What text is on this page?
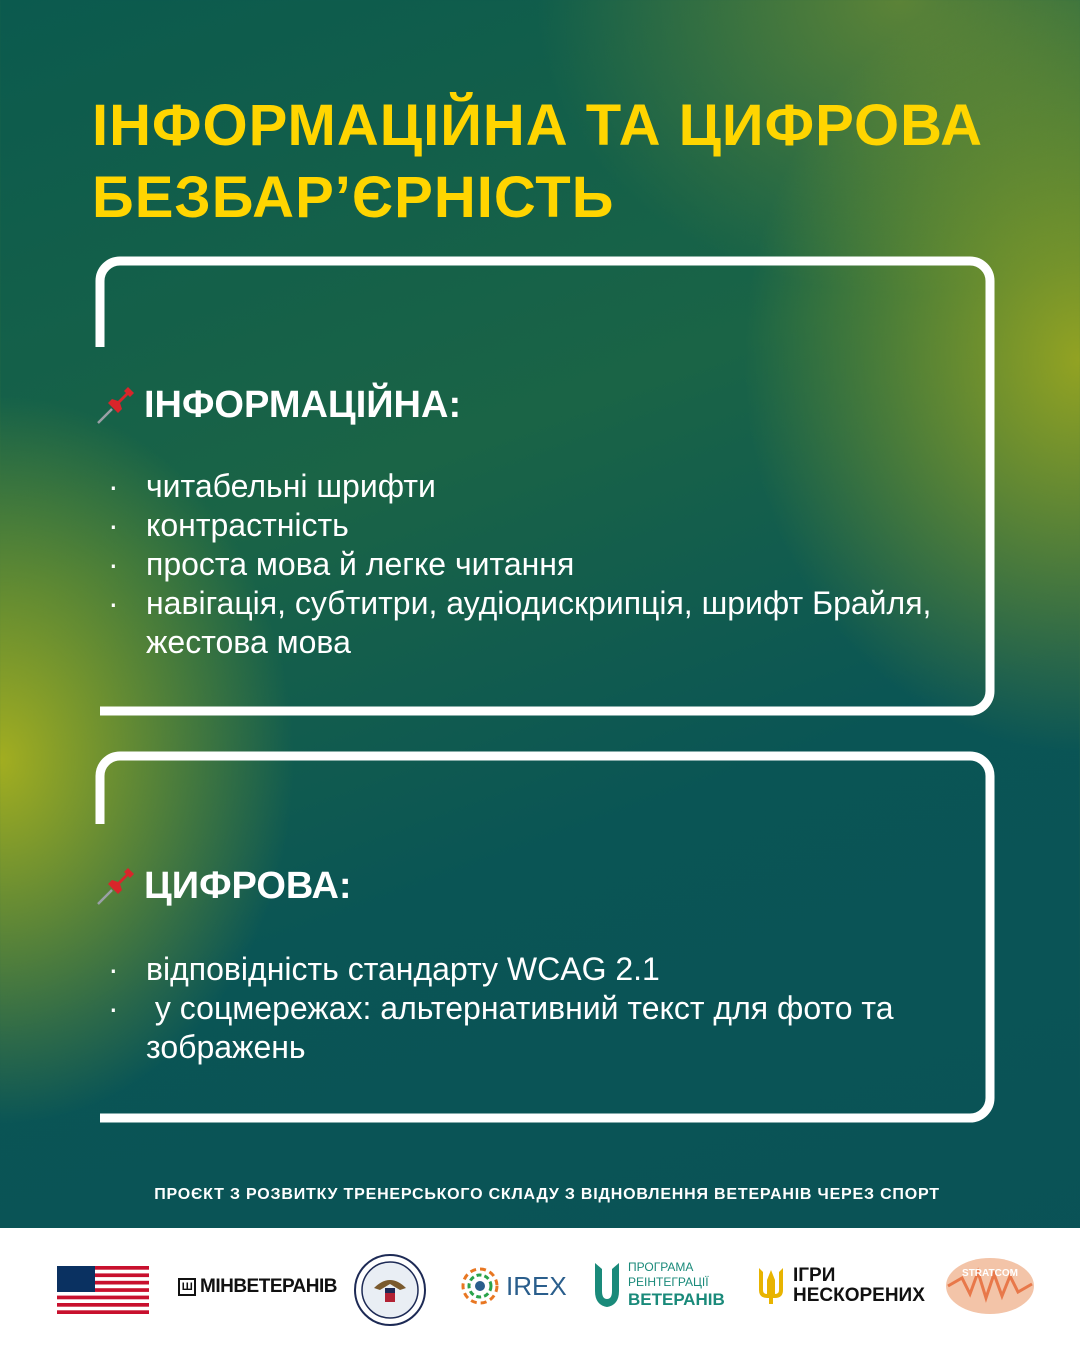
ІНФОРМАЦІЙНА ТА ЦИФРОВА
БЕЗБАР’ЄРНІСТЬ
ІНФОРМАЦІЙНА:
· читабельні шрифти
· контрастність
· проста мова й легке читання
· навігація, субтитри, аудіодискрипція, шрифт Брайля, жестова мова
ЦИФРОВА:
· відповідність стандарту WCAG 2.1
· у соцмережах: альтернативний текст для фото та зображень
ПРОЄКТ З РОЗВИТКУ ТРЕНЕРСЬКОГО СКЛАДУ З ВІДНОВЛЕННЯ ВЕТЕРАНІВ ЧЕРЕЗ СПОРТ
Ш МІНВЕТЕРАНІВ	IREX
ПРОГРАМА
РЕІНТЕГРАЦІЇ
ВЕТЕРАНІВ
ІГРИ
НЕСКОРЕНИХ
STRATCOM
